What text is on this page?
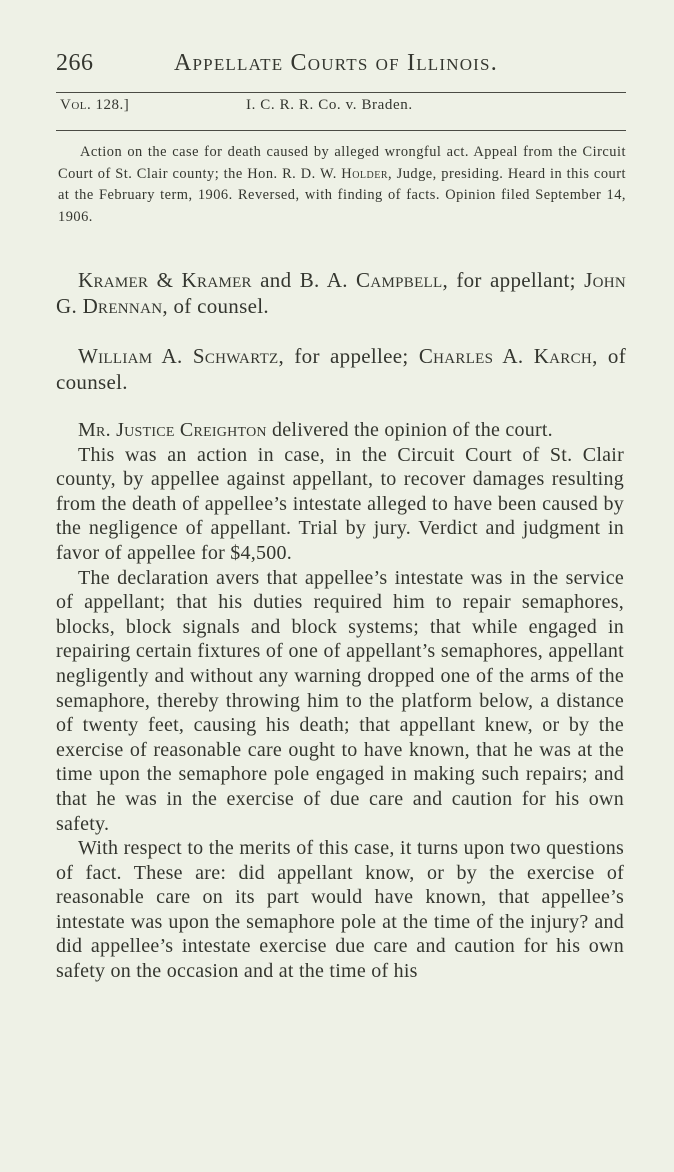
266	Appellate Courts of Illinois.
Vol. 128.]	I. C. R. R. Co. v. Braden.

Action on the case for death caused by alleged wrongful act. Appeal from the Circuit Court of St. Clair county; the Hon. R. D. W. Holder, Judge, presiding. Heard in this court at the February term, 1906. Reversed, with finding of facts. Opinion filed September 14, 1906.

Kramer & Kramer and B. A. Campbell, for appellant; John G. Drennan, of counsel.

William A. Schwartz, for appellee; Charles A. Karch, of counsel.

Mr. Justice Creighton delivered the opinion of the court.

This was an action in case, in the Circuit Court of St. Clair county, by appellee against appellant, to recover damages resulting from the death of appellee’s intestate alleged to have been caused by the negligence of appellant. Trial by jury. Verdict and judgment in favor of appellee for $4,500.

The declaration avers that appellee’s intestate was in the service of appellant; that his duties required him to repair semaphores, blocks, block signals and block systems; that while engaged in repairing certain fixtures of one of appellant’s semaphores, appellant negligently and without any warning dropped one of the arms of the semaphore, thereby throwing him to the platform below, a distance of twenty feet, causing his death; that appellant knew, or by the exercise of reasonable care ought to have known, that he was at the time upon the semaphore pole engaged in making such repairs; and that he was in the exercise of due care and caution for his own safety.

With respect to the merits of this case, it turns upon two questions of fact. These are: did appellant know, or by the exercise of reasonable care on its part would have known, that appellee’s intestate was upon the semaphore pole at the time of the injury? and did appellee’s intestate exercise due care and caution for his own safety on the occasion and at the time of his
